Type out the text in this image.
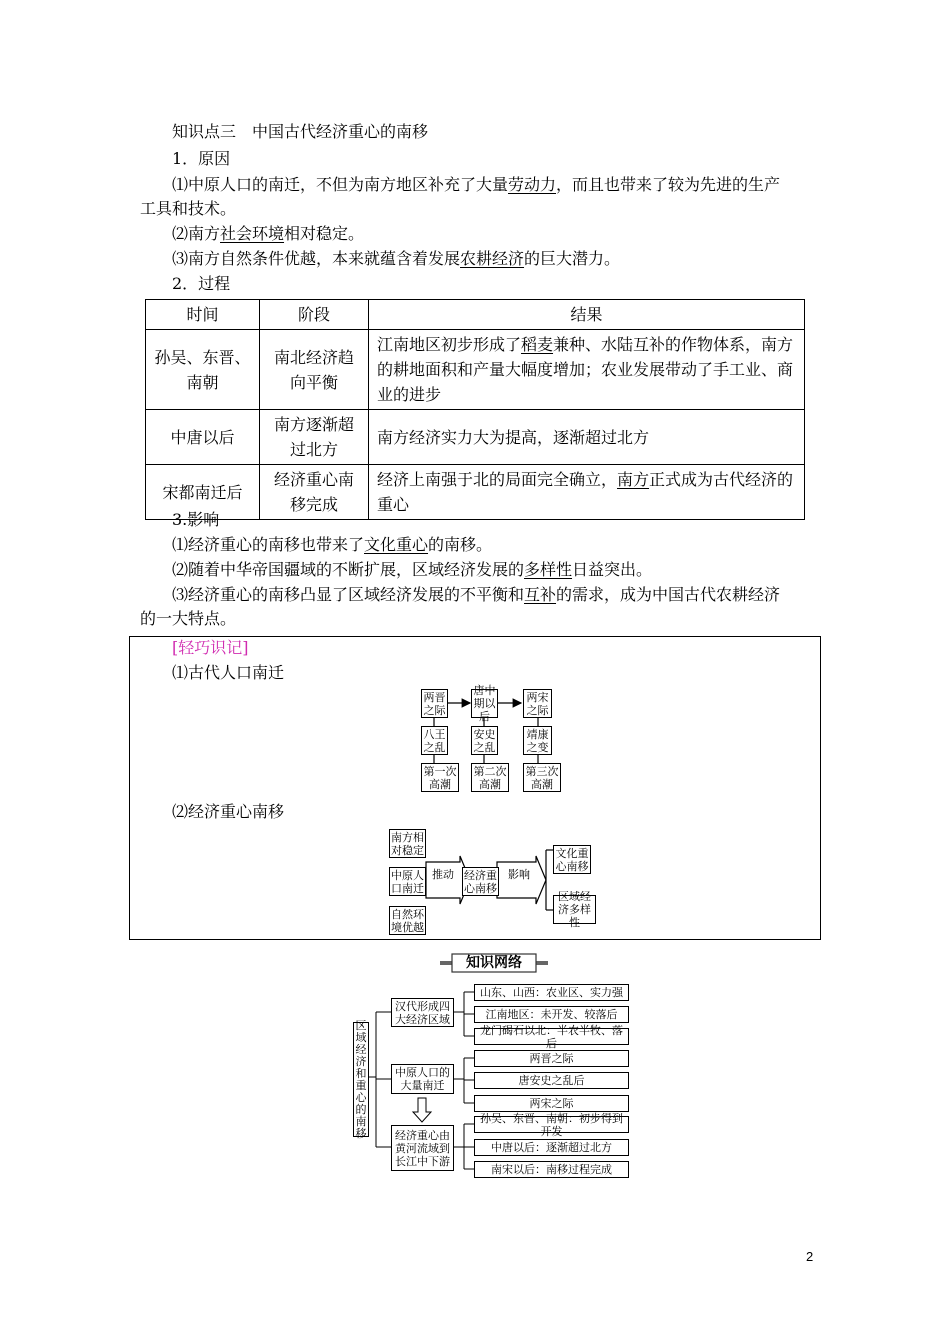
知识点三　中国古代经济重心的南移
1．原因
⑴中原人口的南迁，不但为南方地区补充了大量劳动力，而且也带来了较为先进的生产
工具和技术。
⑵南方社会环境相对稳定。
⑶南方自然条件优越，本来就蕴含着发展农耕经济的巨大潜力。
2．过程
时间	阶段	结果
孙吴、东晋、南朝	南北经济趋向平衡	江南地区初步形成了稻麦兼种、水陆互补的作物体系，南方的耕地面积和产量大幅度增加；农业发展带动了手工业、商业的进步
中唐以后	南方逐渐超过北方	南方经济实力大为提高，逐渐超过北方
宋都南迁后	经济重心南移完成	经济上南强于北的局面完全确立，南方正式成为古代经济的重心
3.影响
⑴经济重心的南移也带来了文化重心的南移。
⑵随着中华帝国疆域的不断扩展，区域经济发展的多样性日益突出。
⑶经济重心的南移凸显了区域经济发展的不平衡和互补的需求，成为中国古代农耕经济
的一大特点。
[轻巧识记]
⑴古代人口南迁
两晋之际
唐中期以后
两宋之际
八王之乱
安史之乱
靖康之变
第一次高潮
第二次高潮
第三次高潮
⑵经济重心南移
南方相对稳定
中原人口南迁
自然环境优越
推动 经济重心南移
影响
文化重心南移
区域经济多样性
知识网络
区域经济和重心的南移
汉代形成四大经济区域
中原人口的大量南迁
经济重心由黄河流域到长江中下游
山东、山西：农业区、实力强
江南地区：未开发、较落后
龙门碣石以北：半农半牧、落后
两晋之际
唐安史之乱后
两宋之际
孙吴、东晋、南朝：初步得到开发
中唐以后：逐渐超过北方
南宋以后：南移过程完成
2
